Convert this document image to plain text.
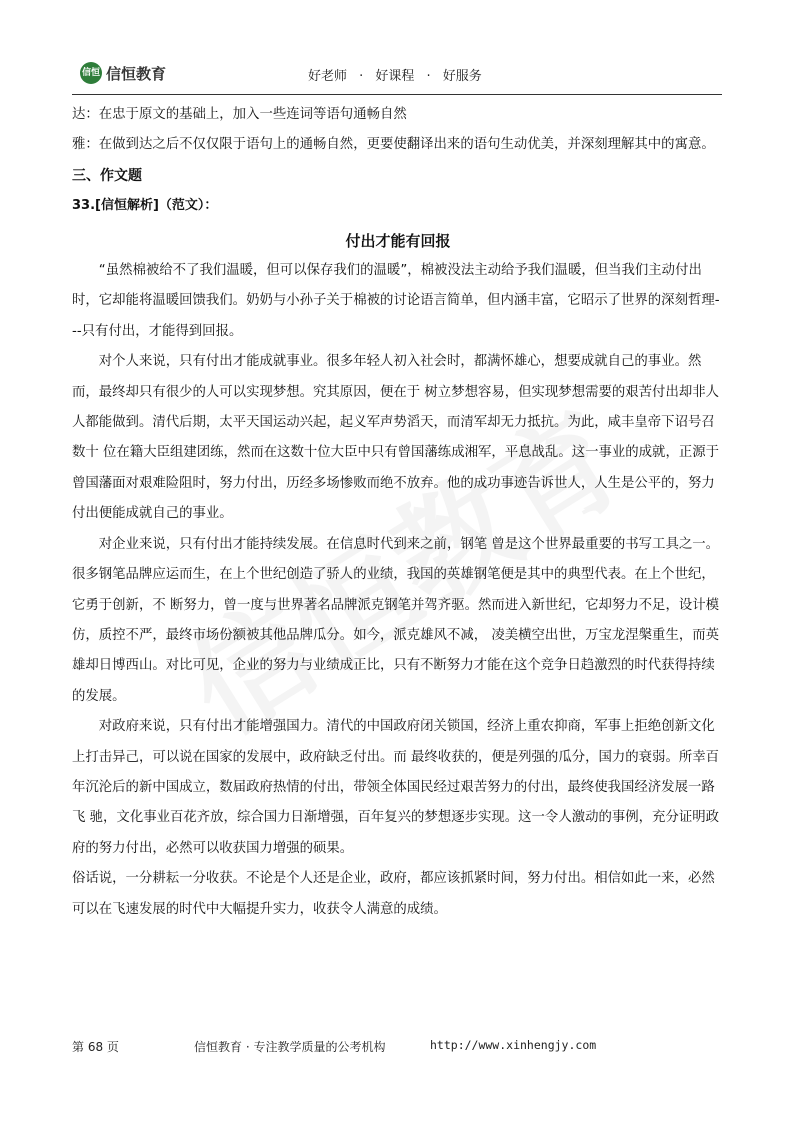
信恒 信恒教育	好老师 · 好课程 · 好服务

达：在忠于原文的基础上，加入一些连词等语句通畅自然

雅：在做到达之后不仅仅限于语句上的通畅自然，更要使翻译出来的语句生动优美，并深刻理解其中的寓意。

三、作文题

33.[信恒解析]（范文）：

付出才能有回报

“虽然棉被给不了我们温暖，但可以保存我们的温暖”，棉被没法主动给予我们温暖，但当我们主动付出时，它却能将温暖回馈我们。奶奶与小孙子关于棉被的讨论语言简单，但内涵丰富，它昭示了世界的深刻哲理---只有付出，才能得到回报。

对个人来说，只有付出才能成就事业。很多年轻人初入社会时，都满怀雄心，想要成就自己的事业。然而，最终却只有很少的人可以实现梦想。究其原因，便在于 树立梦想容易，但实现梦想需要的艰苦付出却非人人都能做到。清代后期，太平天国运动兴起，起义军声势滔天，而清军却无力抵抗。为此，咸丰皇帝下诏号召数十 位在籍大臣组建团练，然而在这数十位大臣中只有曾国藩练成湘军，平息战乱。这一事业的成就，正源于曾国藩面对艰难险阻时，努力付出，历经多场惨败而绝不放弃。他的成功事迹告诉世人，人生是公平的，努力付出便能成就自己的事业。

对企业来说，只有付出才能持续发展。在信息时代到来之前，钢笔 曾是这个世界最重要的书写工具之一。很多钢笔品牌应运而生，在上个世纪创造了骄人的业绩，我国的英雄钢笔便是其中的典型代表。在上个世纪，它勇于创新，不 断努力，曾一度与世界著名品牌派克钢笔并驾齐驱。然而进入新世纪，它却努力不足，设计模仿，质控不严，最终市场份额被其他品牌瓜分。如今，派克雄风不减， 凌美横空出世，万宝龙涅槃重生，而英雄却日博西山。对比可见，企业的努力与业绩成正比，只有不断努力才能在这个竞争日趋激烈的时代获得持续的发展。

对政府来说，只有付出才能增强国力。清代的中国政府闭关锁国，经济上重农抑商，军事上拒绝创新文化上打击异己，可以说在国家的发展中，政府缺乏付出。而 最终收获的，便是列强的瓜分，国力的衰弱。所幸百年沉沦后的新中国成立，数届政府热情的付出，带领全体国民经过艰苦努力的付出，最终使我国经济发展一路飞 驰，文化事业百花齐放，综合国力日渐增强，百年复兴的梦想逐步实现。这一令人激动的事例，充分证明政府的努力付出，必然可以收获国力增强的硕果。

俗话说，一分耕耘一分收获。不论是个人还是企业，政府，都应该抓紧时间，努力付出。相信如此一来，必然可以在飞速发展的时代中大幅提升实力，收获令人满意的成绩。

第 68 页	信恒教育 · 专注教学质量的公考机构	http://www.xinhengjy.com
